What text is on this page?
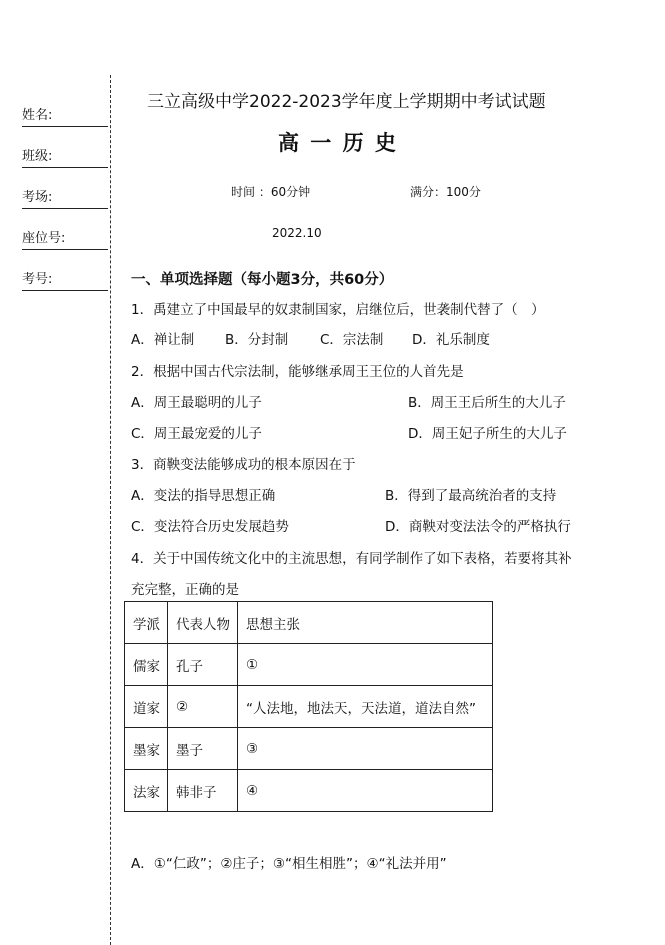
姓名:
班级:
考场:
座位号:
考号:
三立高级中学2022-2023学年度上学期期中考试试题
高 一 历 史
时间 ：60分钟	满分：100分
2022.10
一、单项选择题（每小题3分，共60分）
1．禹建立了中国最早的奴隶制国家，启继位后，世袭制代替了（　）
A．禅让制 B．分封制 C．宗法制 D．礼乐制度
2．根据中国古代宗法制，能够继承周王王位的人首先是
A．周王最聪明的儿子	B．周王王后所生的大儿子
C．周王最宠爱的儿子	D．周王妃子所生的大儿子
3．商鞅变法能够成功的根本原因在于
A．变法的指导思想正确	B．得到了最高统治者的支持
C．变法符合历史发展趋势	D．商鞅对变法法令的严格执行
4．关于中国传统文化中的主流思想，有同学制作了如下表格，若要将其补
充完整，正确的是
学派	代表人物	思想主张
儒家	孔子	①
道家	②	“人法地，地法天，天法道，道法自然”
墨家	墨子	③
法家	韩非子	④
A．①“仁政”；②庄子；③“相生相胜”；④“礼法并用”
